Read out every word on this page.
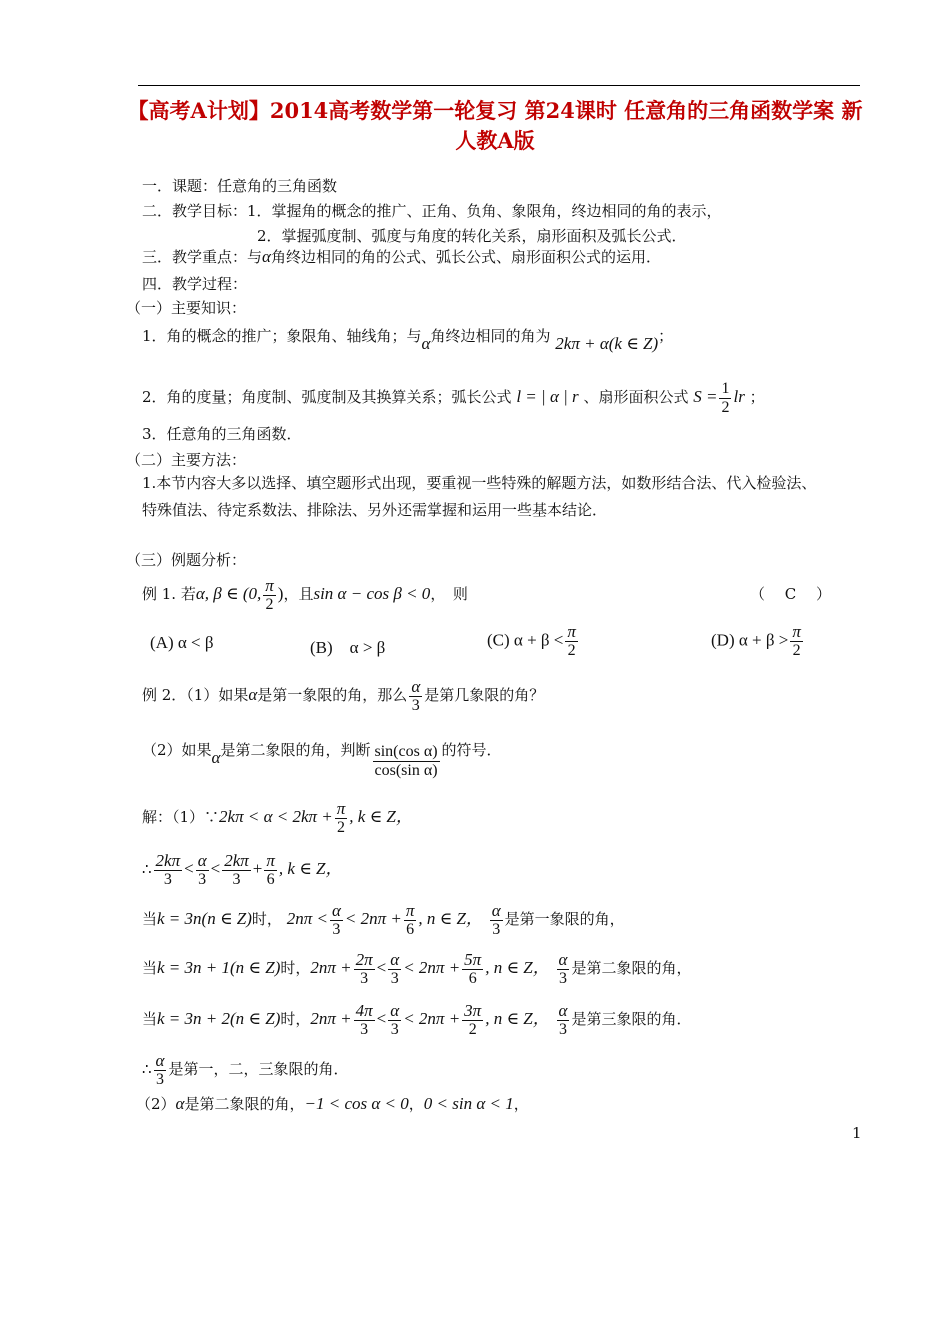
【高考A计划】2014高考数学第一轮复习 第24课时 任意角的三角函数学案 新人教A版
一．课题：任意角的三角函数
二．教学目标：1．掌握角的概念的推广、正角、负角、象限角，终边相同的角的表示，
2．掌握弧度制、弧度与角度的转化关系，扇形面积及弧长公式．
三．教学重点：与α角终边相同的角的公式、弧长公式、扇形面积公式的运用．
四．教学过程：
（一）主要知识：
1．角的概念的推广；象限角、轴线角；与α角终边相同的角为 2kπ + α(k ∈ Z)；
2．角的度量；角度制、弧度制及其换算关系；弧长公式 l = | α | r 、扇形面积公式 $S = \frac{1}{2}$ lr ；
3．任意角的三角函数．
（二）主要方法：
1.本节内容大多以选择、填空题形式出现，要重视一些特殊的解题方法，如数形结合法、代入检验法、
特殊值法、待定系数法、排除法、另外还需掌握和运用一些基本结论．
（三）例题分析：
例 1. 若α, β ∈ (0, $\frac{\pi}{2}$ )，且sin α − cos β < 0，　则	（　 C　 ）
(A) α < β	(B)　α > β	(C) $\alpha + \beta < \frac{\pi}{2}$	(D) $\alpha + \beta > \frac{\pi}{2}$
例 2．（1）如果α是第一象限的角，那么 $\frac{\alpha}{3}$ 是第几象限的角？
（2）如果α是第二象限的角，判断 $\frac{\text{sin(cos α)}}{\text{cos(sin α)}}$ 的符号．
解：（1）∵2kπ < $\alpha < 2k\pi + \frac{\pi}{2}$ , k ∈ Z，
∴ $\frac{2k\pi}{3} < \frac{\alpha}{3} < \frac{2k\pi}{3} + \frac{\pi}{6}$ , k ∈ Z，
当k = 3n(n ∈ Z)时， $2n\pi < \frac{\alpha}{3} < 2n\pi + \frac{\pi}{6}$ , n ∈ Z， $\frac{\alpha}{3}$ 是第一象限的角，
当k = 3n + 1(n ∈ Z)时，$2n\pi + \frac{2\pi}{3} < \frac{\alpha}{3} < 2n\pi + \frac{5\pi}{6}$ , n ∈ Z， $\frac{\alpha}{3}$ 是第二象限的角，
当k = 3n + 2(n ∈ Z)时，$2n\pi + \frac{4\pi}{3} < \frac{\alpha}{3} < 2n\pi + \frac{3\pi}{2}$ , n ∈ Z， $\frac{\alpha}{3}$ 是第三象限的角．
∴ $\frac{\alpha}{3}$ 是第一，二，三象限的角．
（2）α是第二象限的角，−1 < cos α < 0，0 < sin α < 1，
1
